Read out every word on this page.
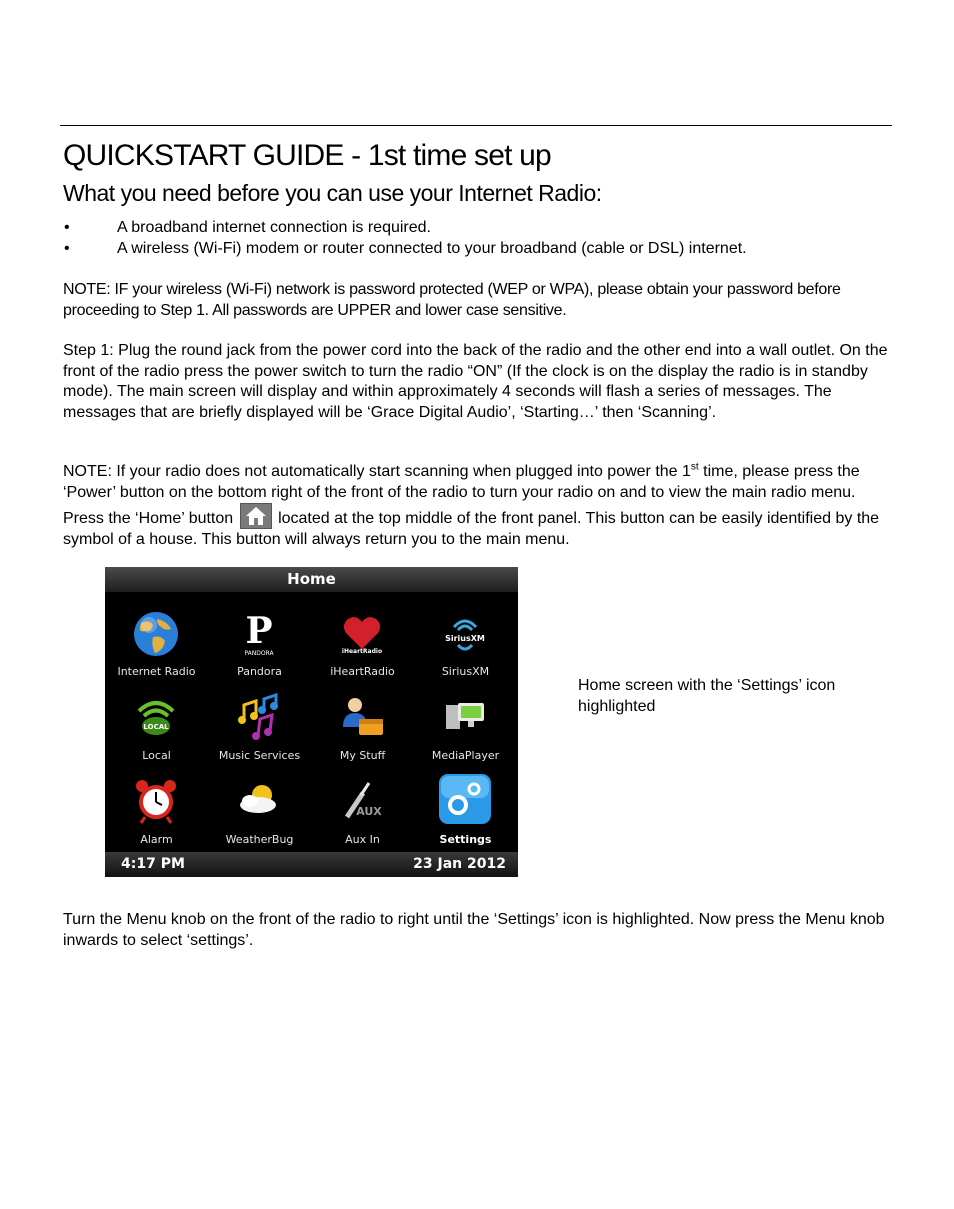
QUICKSTART GUIDE - 1st time set up
What you need before you can use your Internet Radio:
•	A broadband internet connection is required.
•	A wireless (Wi-Fi) modem or router connected to your broadband (cable or DSL) internet.
NOTE: IF your wireless (Wi-Fi) network is password protected (WEP or WPA), please obtain your password before proceeding to Step 1. All passwords are UPPER and lower case sensitive.
Step 1: Plug the round jack from the power cord into the back of the radio and the other end into a wall outlet. On the front of the radio press the power switch to turn the radio “ON” (If the clock is on the display the radio is in standby mode). The main screen will display and within approximately 4 seconds will flash a series of messages. The messages that are briefly displayed will be ‘Grace Digital Audio’, ‘Starting…’ then ‘Scanning’.
NOTE: If your radio does not automatically start scanning when plugged into power the 1st time, please press the ‘Power’ button on the bottom right of the front of the radio to turn your radio on and to view the main radio menu. Press the ‘Home’ button
located at the top middle of the front panel. This button can be easily identified by the symbol of a house. This button will always return you to the main menu.
Home
Internet Radio
P
PANDORA
Pandora
iHeartRadio
iHeartRadio
SiriusXM
SiriusXM
LOCAL
Local	Music Services	My Stuff	MediaPlayer
Alarm	WeatherBug
AUX
Aux In	Settings
4:17 PM	23 Jan 2012
Home screen with the ‘Settings’ icon highlighted
Turn the Menu knob on the front of the radio to right until the ‘Settings’ icon is highlighted. Now press the Menu knob inwards to select ‘settings’.
